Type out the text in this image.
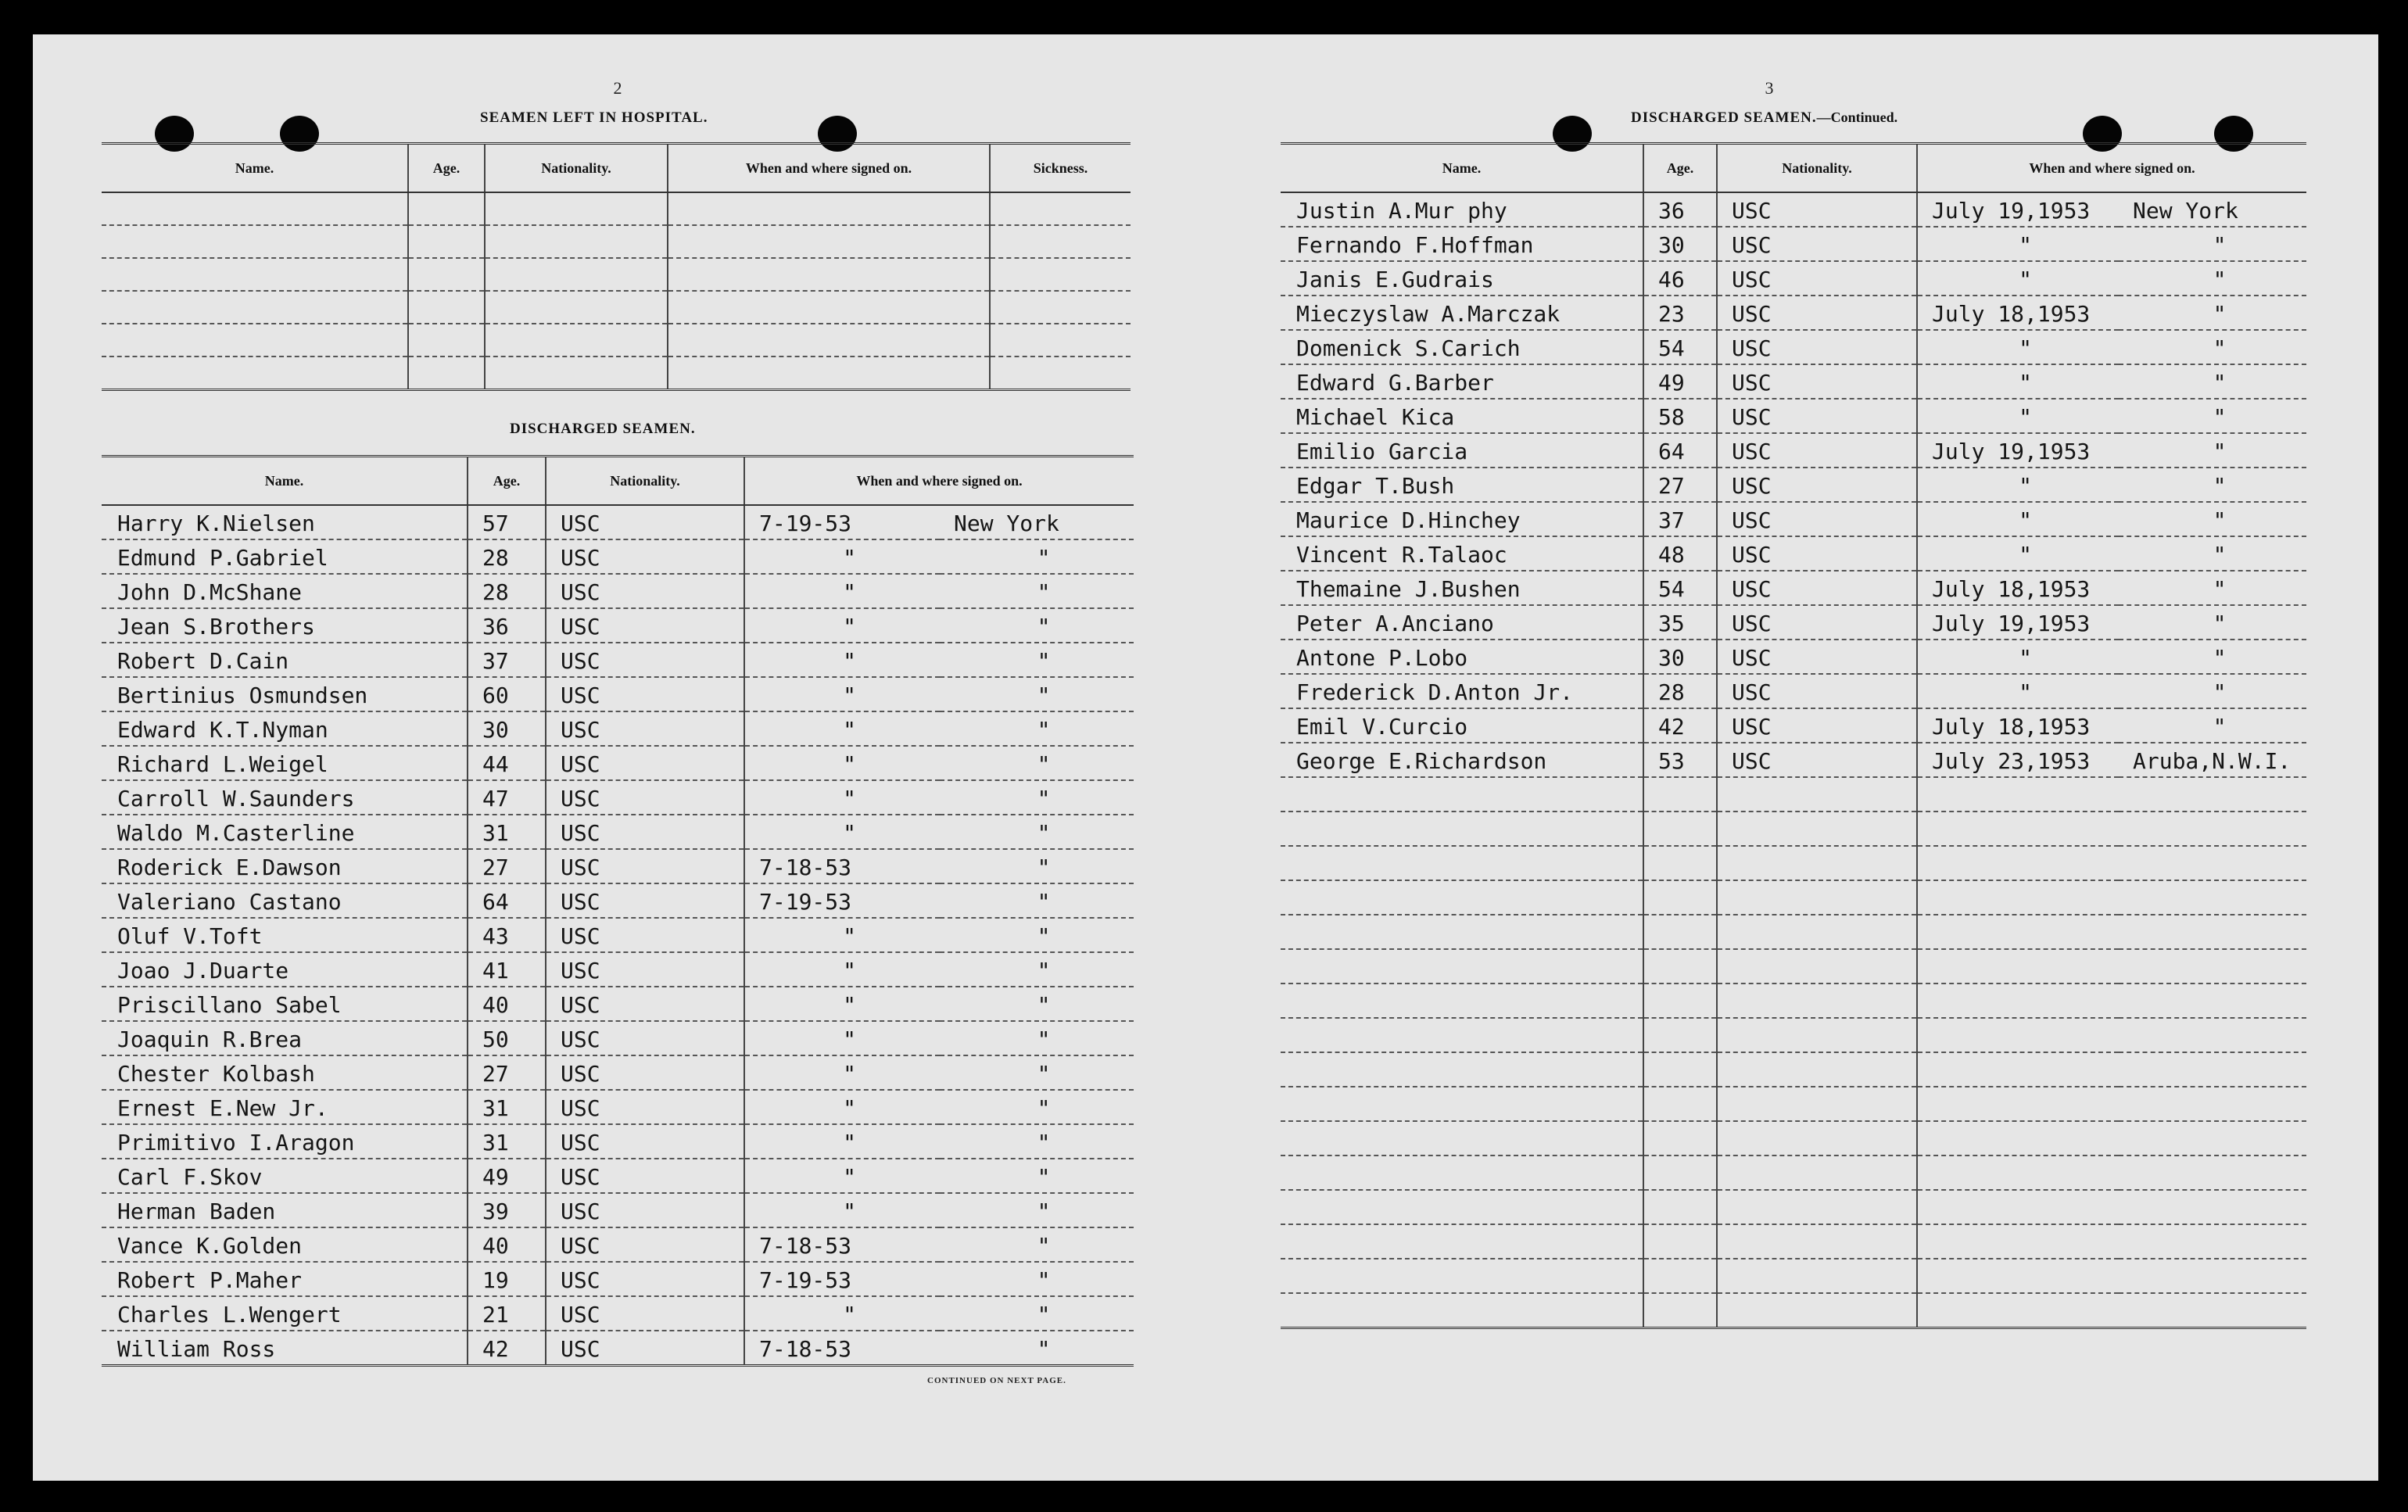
2
SEAMEN LEFT IN HOSPITAL.
Name.	Age.	Nationality.	When and where signed on.	Sickness.

DISCHARGED SEAMEN.
Name.	Age.	Nationality.	When and where signed on.	
Harry K.Nielsen	57	USC	7-19-53	New York
Edmund P.Gabriel	28	USC	"	"
John D.McShane	28	USC	"	"
Jean S.Brothers	36	USC	"	"
Robert D.Cain	37	USC	"	"
Bertinius Osmundsen	60	USC	"	"
Edward K.T.Nyman	30	USC	"	"
Richard L.Weigel	44	USC	"	"
Carroll W.Saunders	47	USC	"	"
Waldo M.Casterline	31	USC	"	"
Roderick E.Dawson	27	USC	7-18-53	"
Valeriano Castano	64	USC	7-19-53	"
Oluf V.Toft	43	USC	"	"
Joao J.Duarte	41	USC	"	"
Priscillano Sabel	40	USC	"	"
Joaquin R.Brea	50	USC	"	"
Chester Kolbash	27	USC	"	"
Ernest E.New Jr.	31	USC	"	"
Primitivo I.Aragon	31	USC	"	"
Carl F.Skov	49	USC	"	"
Herman Baden	39	USC	"	"
Vance K.Golden	40	USC	7-18-53	"
Robert P.Maher	19	USC	7-19-53	"
Charles L.Wengert	21	USC	"	"
William Ross	42	USC	7-18-53	"
CONTINUED ON NEXT PAGE.
3
DISCHARGED SEAMEN.—Continued.
Name.	Age.	Nationality.	When and where signed on.	
Justin A.Mur phy	36	USC	July 19,1953	New York
Fernando F.Hoffman	30	USC	"	"
Janis E.Gudrais	46	USC	"	"
Mieczyslaw A.Marczak	23	USC	July 18,1953	"
Domenick S.Carich	54	USC	"	"
Edward G.Barber	49	USC	"	"
Michael Kica	58	USC	"	"
Emilio Garcia	64	USC	July 19,1953	"
Edgar T.Bush	27	USC	"	"
Maurice D.Hinchey	37	USC	"	"
Vincent R.Talaoc	48	USC	"	"
Themaine J.Bushen	54	USC	July 18,1953	"
Peter A.Anciano	35	USC	July 19,1953	"
Antone P.Lobo	30	USC	"	"
Frederick D.Anton Jr.	28	USC	"	"
Emil V.Curcio	42	USC	July 18,1953	"
George E.Richardson	53	USC	July 23,1953	Aruba,N.W.I.
